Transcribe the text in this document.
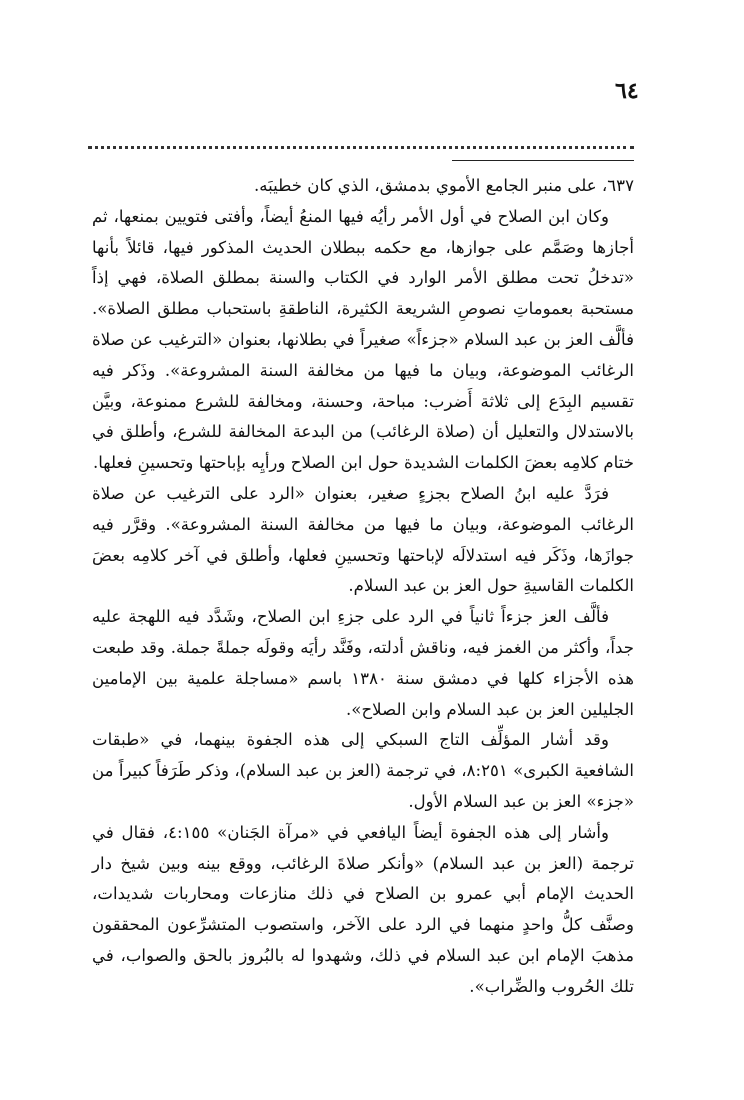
٦٤

٦٣٧، على منبر الجامع الأموي بدمشق، الذي كان خطيبَه.

وكان ابن الصلاح في أول الأمر رأيُه فيها المنعُ أيضاً، وأفتى فتويين بمنعها، ثم أجازها وصَمَّم على جوازها، مع حكمه ببطلان الحديث المذكور فيها، قائلاً بأنها «تدخلُ تحت مطلق الأمر الوارد في الكتاب والسنة بمطلق الصلاة، فهي إذاً مستحبة بعموماتِ نصوصِ الشريعة الكثيرة، الناطقةِ باستحباب مطلق الصلاة». فألَّف العز بن عبد السلام «جزءاً» صغيراً في بطلانها، بعنوان «الترغيب عن صلاة الرغائب الموضوعة، وبيان ما فيها من مخالفة السنة المشروعة». وذَكر فيه تقسيم البِدَع إلى ثلاثة أَضرب: مباحة، وحسنة، ومخالفة للشرع ممنوعة، وبيَّن بالاستدلال والتعليل أن (صلاة الرغائب) من البدعة المخالفة للشرع، وأطلق في ختام كلامِه بعضَ الكلمات الشديدة حول ابن الصلاح ورأيِه بإباحتها وتحسينِ فعلها.

فرَدَّ عليه ابنُ الصلاح بجزءٍ صغير، بعنوان «الرد على الترغيب عن صلاة الرغائب الموضوعة، وبيان ما فيها من مخالفة السنة المشروعة». وقرَّر فيه جوازَها، وذَكَر فيه استدلالَه لإباحتها وتحسينِ فعلها، وأطلق في آخر كلامِه بعضَ الكلمات القاسيةِ حول العز بن عبد السلام.

فألَّف العز جزءاً ثانياً في الرد على جزءِ ابن الصلاح، وشَدَّد فيه اللهجة عليه جداً، وأكثر من الغمز فيه، وناقش أدلته، وفَنَّد رأيَه وقولَه جملةً جملة. وقد طبعت هذه الأجزاء كلها في دمشق سنة ١٣٨٠ باسم «مساجلة علمية بين الإمامين الجليلين العز بن عبد السلام وابن الصلاح».

وقد أشار المؤلِّف التاج السبكي إلى هذه الجفوة بينهما، في «طبقات الشافعية الكبرى» ٨:٢٥١، في ترجمة (العز بن عبد السلام)، وذكر طَرَفاً كبيراً من «جزء» العز بن عبد السلام الأول.

وأشار إلى هذه الجفوة أيضاً اليافعي في «مرآة الجَنان» ٤:١٥٥، فقال في ترجمة (العز بن عبد السلام) «وأنكر صلاةَ الرغائب، ووقع بينه وبين شيخ دار الحديث الإمام أبي عمرو بن الصلاح في ذلك منازعات ومحاربات شديدات، وصنَّف كلُّ واحدٍ منهما في الرد على الآخر، واستصوب المتشرِّعون المحققون مذهبَ الإمام ابن عبد السلام في ذلك، وشهدوا له بالبُروز بالحق والصواب، في تلك الحُروب والضِّراب».
